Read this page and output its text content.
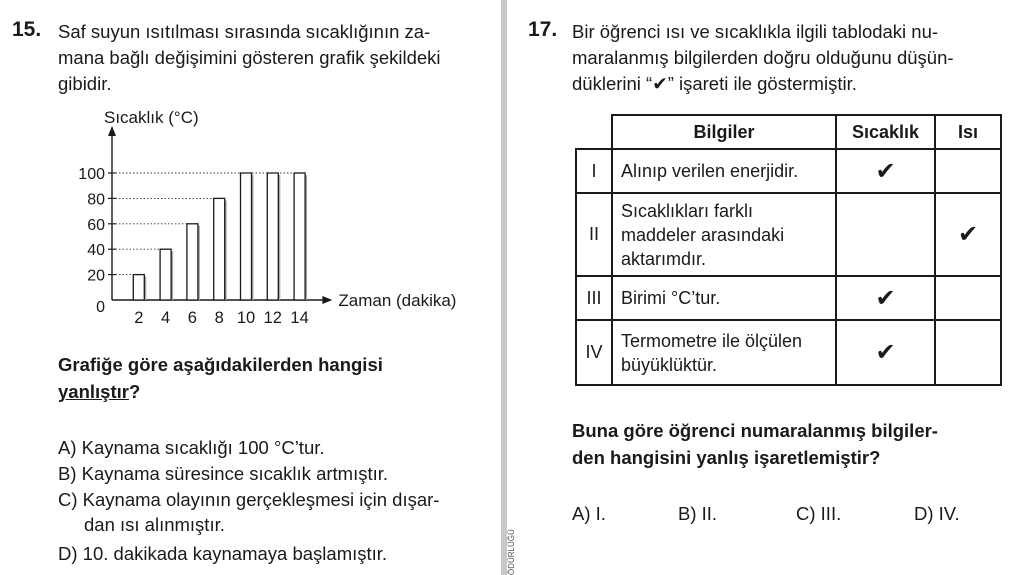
15. Saf suyun ısıtılması sırasında sıcaklığının za-
mana bağlı değişimini gösteren grafik şekildeki
gibidir.
Sıcaklık (°C)
Zaman (dakika)
0
20
40
60
80
100
2 4 6 8 10 12 14
Grafiğe göre aşağıdakilerden hangisi
yanlıştır?
A) Kaynama sıcaklığı 100 °C’tur.
B) Kaynama süresince sıcaklık artmıştır.
C) Kaynama olayının gerçekleşmesi için dışar-
dan ısı alınmıştır.
D) 10. dakikada kaynamaya başlamıştır.	ÖDÜRLÜĞÜ
17. Bir öğrenci ısı ve sıcaklıkla ilgili tablodaki nu-
maralanmış bilgilerden doğru olduğunu düşün-
düklerini “✔” işareti ile göstermiştir.
	Bilgiler	Sıcaklık	Isı
I	Alınıp verilen enerjidir.	✔	
II	Sıcaklıkları farklı maddeler arasındaki aktarımdır.		✔
III	Birimi °C’tur.	✔	
IV	Termometre ile ölçülen büyüklüktür.	✔	
Buna göre öğrenci numaralanmış bilgiler-
den hangisini yanlış işaretlemiştir?
A) I.	B) II.	C) III.	D) IV.
